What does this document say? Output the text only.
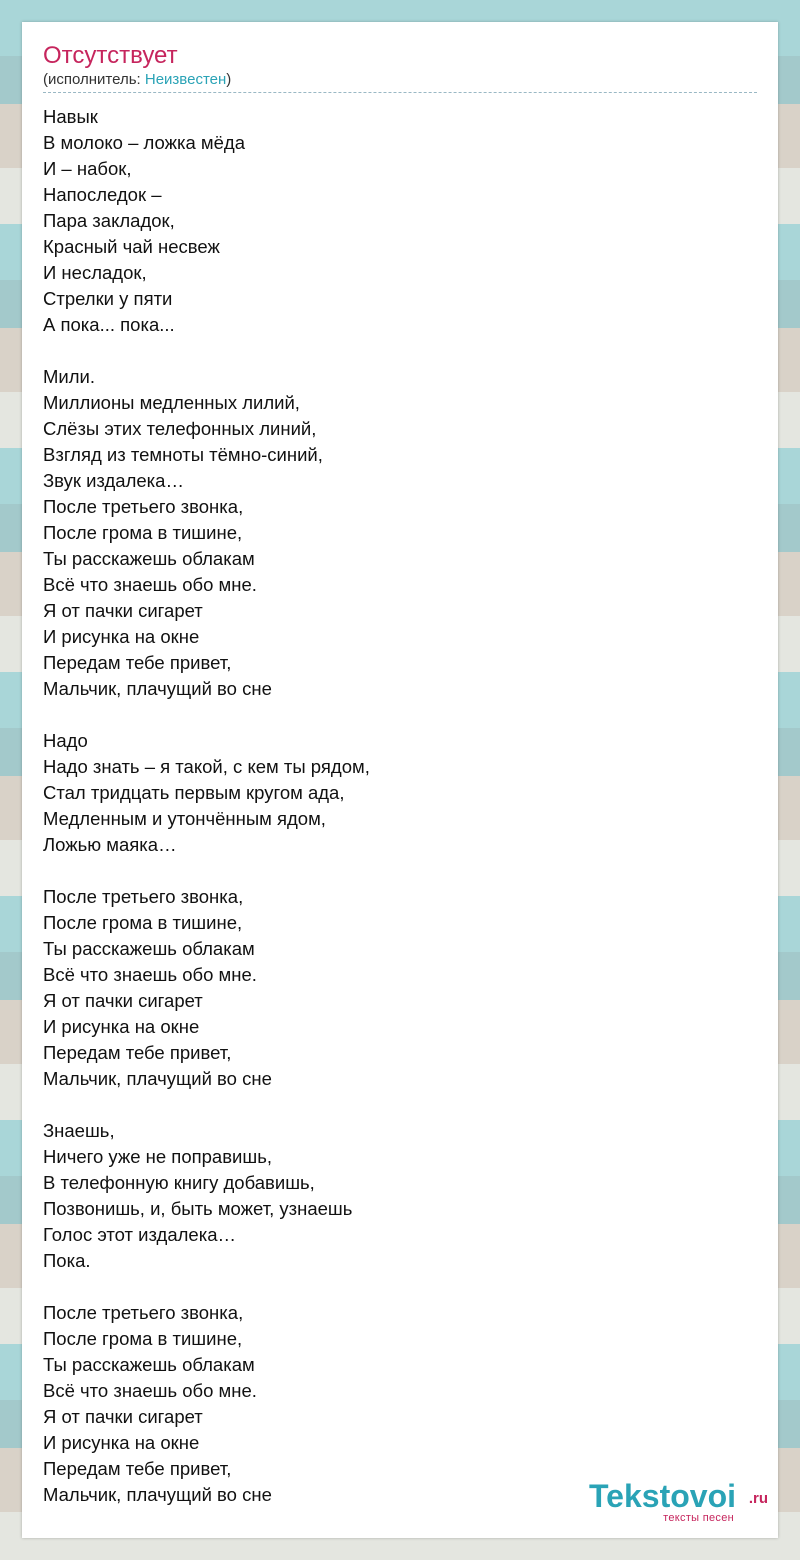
Отсутствует
(исполнитель: Неизвестен)
Навык
В молоко – ложка мёда
И – набок,
Напоследок –
Пара закладок,
Красный чай несвеж
И несладок,
Стрелки у пяти
А пока... пока...
Мили.
Миллионы медленных лилий,
Слёзы этих телефонных линий,
Взгляд из темноты тёмно-синий,
Звук издалека…
После третьего звонка,
После грома в тишине,
Ты расскажешь облакам
Всё что знаешь обо мне.
Я от пачки сигарет
И рисунка на окне
Передам тебе привет,
Мальчик, плачущий во сне
Надо
Надо знать – я такой, с кем ты рядом,
Стал тридцать первым кругом ада,
Медленным и утончённым ядом,
Ложью маяка…
После третьего звонка,
После грома в тишине,
Ты расскажешь облакам
Всё что знаешь обо мне.
Я от пачки сигарет
И рисунка на окне
Передам тебе привет,
Мальчик, плачущий во сне
Знаешь,
Ничего уже не поправишь,
В телефонную книгу добавишь,
Позвонишь, и, быть может, узнаешь
Голос этот издалека…
Пока.
После третьего звонка,
После грома в тишине,
Ты расскажешь облакам
Всё что знаешь обо мне.
Я от пачки сигарет
И рисунка на окне
Передам тебе привет,
Мальчик, плачущий во сне	Tekstovoi .ru
тексты песен
